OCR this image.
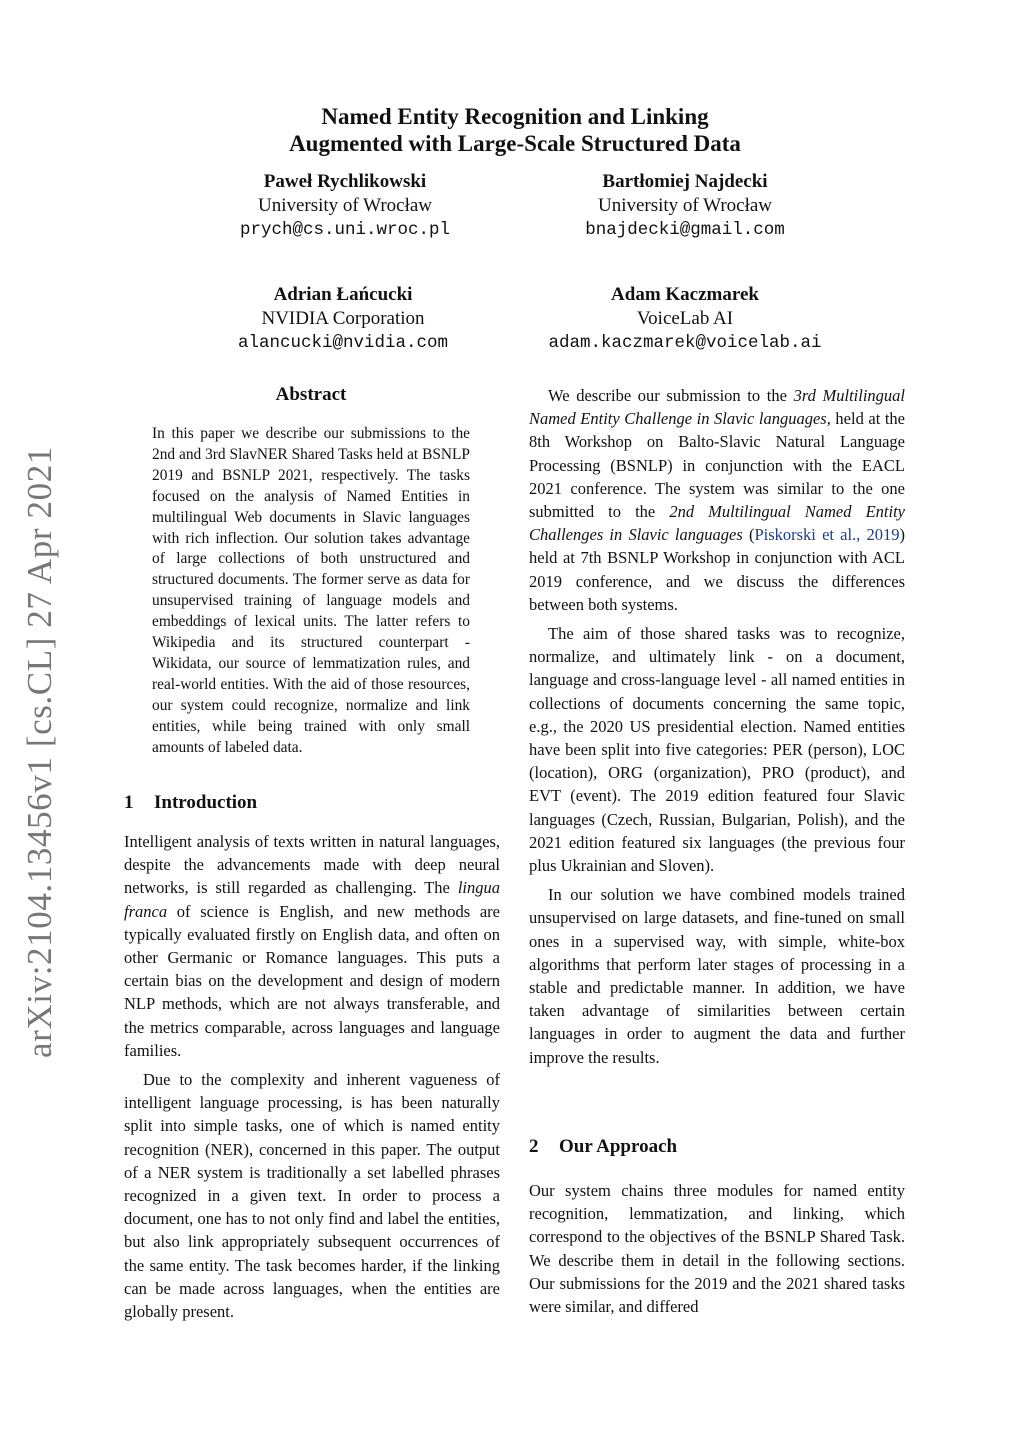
arXiv:2104.13456v1 [cs.CL] 27 Apr 2021
Named Entity Recognition and Linking
Augmented with Large-Scale Structured Data
Paweł Rychlikowski
University of Wrocław
prych@cs.uni.wroc.pl
Bartłomiej Najdecki
University of Wrocław
bnajdecki@gmail.com
Adrian Łańcucki
NVIDIA Corporation
alancucki@nvidia.com
Adam Kaczmarek
VoiceLab AI
adam.kaczmarek@voicelab.ai
Abstract
In this paper we describe our submissions to the 2nd and 3rd SlavNER Shared Tasks held at BSNLP 2019 and BSNLP 2021, respectively. The tasks focused on the analysis of Named Entities in multilingual Web documents in Slavic languages with rich inflection. Our solution takes advantage of large collections of both unstructured and structured documents. The former serve as data for unsupervised training of language models and embeddings of lexical units. The latter refers to Wikipedia and its structured counterpart - Wikidata, our source of lemmatization rules, and real-world entities. With the aid of those resources, our system could recognize, normalize and link entities, while being trained with only small amounts of labeled data.
1 Introduction

Intelligent analysis of texts written in natural languages, despite the advancements made with deep neural networks, is still regarded as challenging. The lingua franca of science is English, and new methods are typically evaluated firstly on English data, and often on other Germanic or Romance languages. This puts a certain bias on the development and design of modern NLP methods, which are not always transferable, and the metrics comparable, across languages and language families.

Due to the complexity and inherent vagueness of intelligent language processing, is has been naturally split into simple tasks, one of which is named entity recognition (NER), concerned in this paper. The output of a NER system is traditionally a set labelled phrases recognized in a given text. In order to process a document, one has to not only find and label the entities, but also link appropriately subsequent occurrences of the same entity. The task becomes harder, if the linking can be made across languages, when the entities are globally present.

We describe our submission to the 3rd Multilingual Named Entity Challenge in Slavic languages, held at the 8th Workshop on Balto-Slavic Natural Language Processing (BSNLP) in conjunction with the EACL 2021 conference. The system was similar to the one submitted to the 2nd Multilingual Named Entity Challenges in Slavic languages (Piskorski et al., 2019) held at 7th BSNLP Workshop in conjunction with ACL 2019 conference, and we discuss the differences between both systems.

The aim of those shared tasks was to recognize, normalize, and ultimately link - on a document, language and cross-language level - all named entities in collections of documents concerning the same topic, e.g., the 2020 US presidential election. Named entities have been split into five categories: PER (person), LOC (location), ORG (organization), PRO (product), and EVT (event). The 2019 edition featured four Slavic languages (Czech, Russian, Bulgarian, Polish), and the 2021 edition featured six languages (the previous four plus Ukrainian and Sloven).

In our solution we have combined models trained unsupervised on large datasets, and fine-tuned on small ones in a supervised way, with simple, white-box algorithms that perform later stages of processing in a stable and predictable manner. In addition, we have taken advantage of similarities between certain languages in order to augment the data and further improve the results.

2 Our Approach

Our system chains three modules for named entity recognition, lemmatization, and linking, which correspond to the objectives of the BSNLP Shared Task. We describe them in detail in the following sections. Our submissions for the 2019 and the 2021 shared tasks were similar, and differed
